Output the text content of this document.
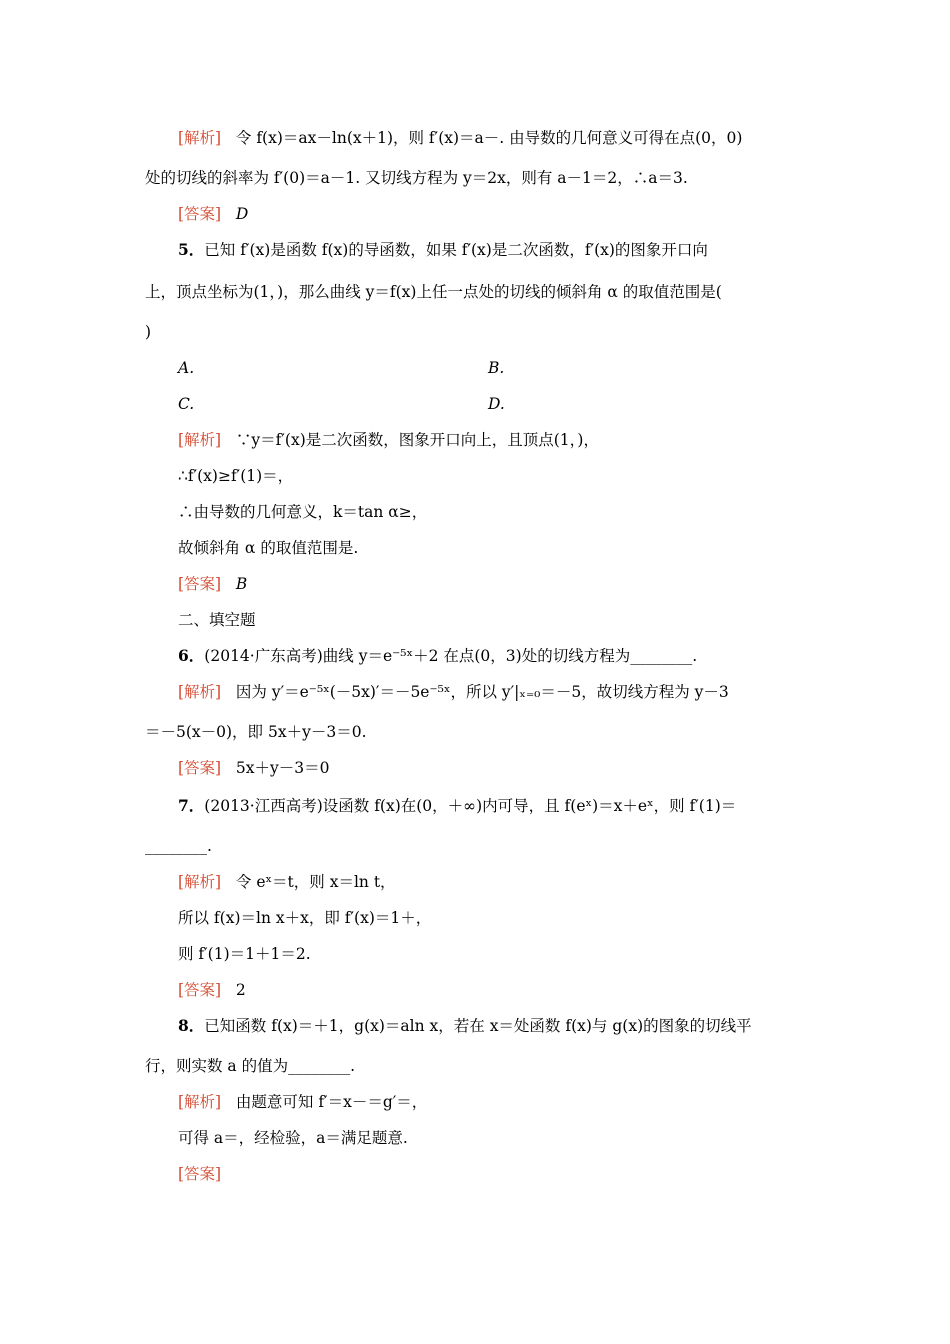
[解析] 令 f(x)＝ax－ln(x＋1)，则 f′(x)＝a－. 由导数的几何意义可得在点(0，0)
处的切线的斜率为 f′(0)＝a－1. 又切线方程为 y＝2x，则有 a－1＝2，∴a＝3.
[答案] D
5．已知 f′(x)是函数 f(x)的导函数，如果 f′(x)是二次函数，f′(x)的图象开口向
上，顶点坐标为(1，)，那么曲线 y＝f(x)上任一点处的切线的倾斜角 α 的取值范围是(
)
A.	B.
C.	D.
[解析] ∵y＝f′(x)是二次函数，图象开口向上，且顶点(1，)，
∴f′(x)≥f′(1)＝，
∴由导数的几何意义，k＝tan α≥，
故倾斜角 α 的取值范围是.
[答案] B
二、填空题
6．(2014·广东高考)曲线 y＝e⁻⁵ˣ＋2 在点(0，3)处的切线方程为________.
[解析] 因为 y′＝e⁻⁵ˣ(－5x)′＝－5e⁻⁵ˣ，所以 y′|ₓ₌₀＝－5，故切线方程为 y－3
＝－5(x－0)，即 5x＋y－3＝0.
[答案] 5x＋y－3＝0
7．(2013·江西高考)设函数 f(x)在(0，＋∞)内可导，且 f(eˣ)＝x＋eˣ，则 f′(1)＝
________.
[解析] 令 eˣ＝t，则 x＝ln t，
所以 f(x)＝ln x＋x，即 f′(x)＝1＋，
则 f′(1)＝1＋1＝2.
[答案] 2
8．已知函数 f(x)＝＋1，g(x)＝aln x，若在 x＝处函数 f(x)与 g(x)的图象的切线平
行，则实数 a 的值为________.
[解析] 由题意可知 f′＝x－＝g′＝，
可得 a＝，经检验，a＝满足题意.
[答案]
